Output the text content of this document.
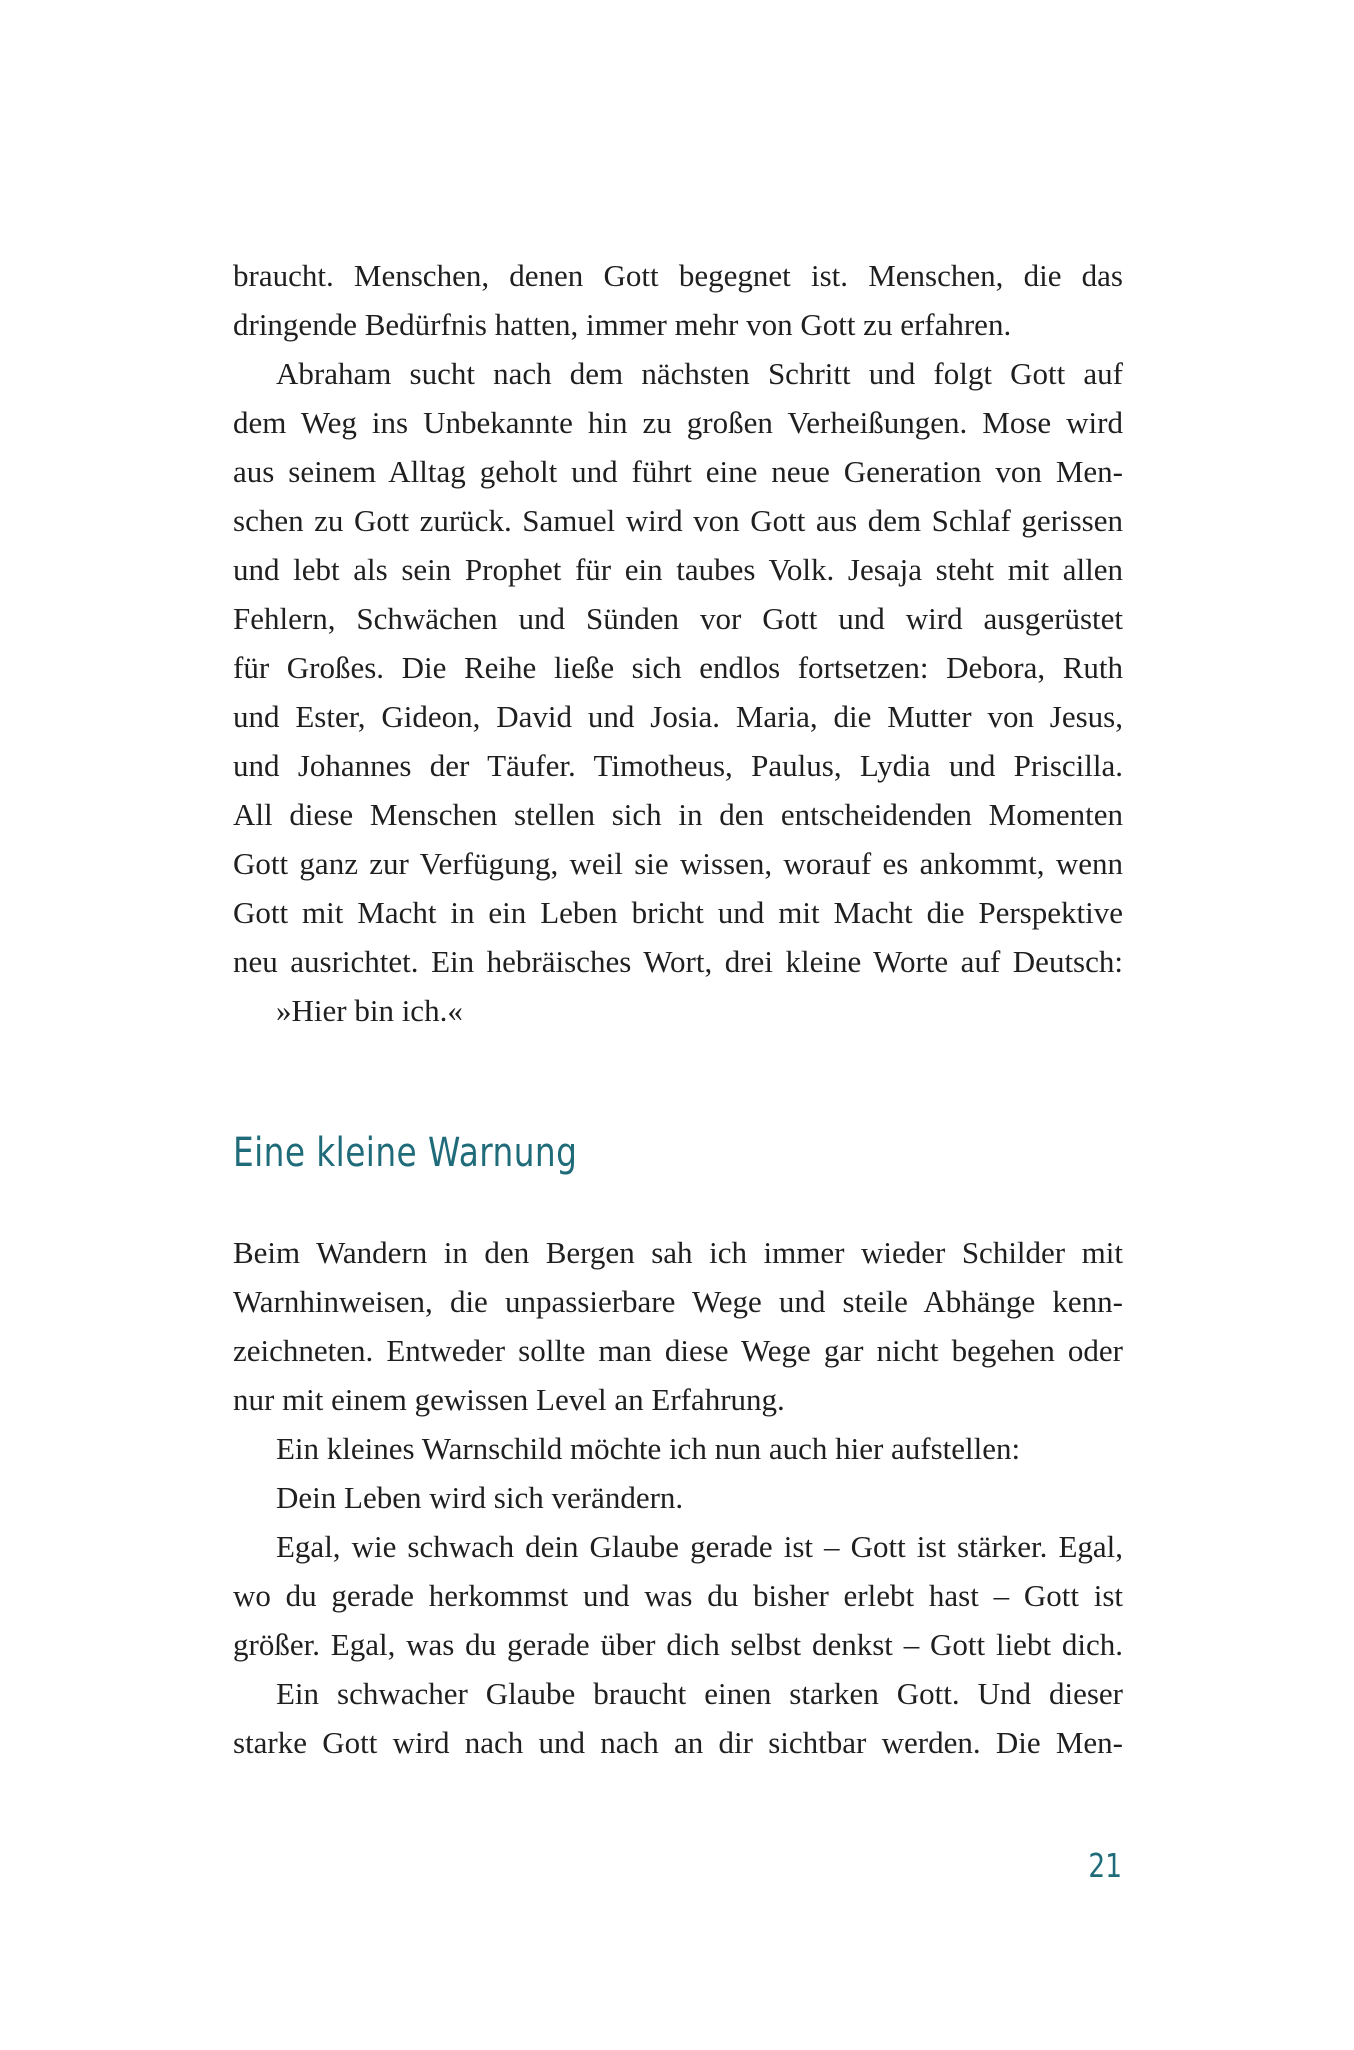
braucht. Menschen, denen Gott begegnet ist. Menschen, die das
dringende Bedürfnis hatten, immer mehr von Gott zu erfahren.
Abraham sucht nach dem nächsten Schritt und folgt Gott auf
dem Weg ins Unbekannte hin zu großen Verheißungen. Mose wird
aus seinem Alltag geholt und führt eine neue Generation von Men-
schen zu Gott zurück. Samuel wird von Gott aus dem Schlaf gerissen
und lebt als sein Prophet für ein taubes Volk. Jesaja steht mit allen
Fehlern, Schwächen und Sünden vor Gott und wird ausgerüstet
für Großes. Die Reihe ließe sich endlos fortsetzen: Debora, Ruth
und Ester, Gideon, David und Josia. Maria, die Mutter von Jesus,
und Johannes der Täufer. Timotheus, Paulus, Lydia und Priscilla.
All diese Menschen stellen sich in den entscheidenden Momenten
Gott ganz zur Verfügung, weil sie wissen, worauf es ankommt, wenn
Gott mit Macht in ein Leben bricht und mit Macht die Perspektive
neu ausrichtet. Ein hebräisches Wort, drei kleine Worte auf Deutsch:
»Hier bin ich.«
Eine kleine Warnung
Beim Wandern in den Bergen sah ich immer wieder Schilder mit
Warnhinweisen, die unpassierbare Wege und steile Abhänge kenn-
zeichneten. Entweder sollte man diese Wege gar nicht begehen oder
nur mit einem gewissen Level an Erfahrung.
Ein kleines Warnschild möchte ich nun auch hier aufstellen:
Dein Leben wird sich verändern.
Egal, wie schwach dein Glaube gerade ist – Gott ist stärker. Egal,
wo du gerade herkommst und was du bisher erlebt hast – Gott ist
größer. Egal, was du gerade über dich selbst denkst – Gott liebt dich.
Ein schwacher Glaube braucht einen starken Gott. Und dieser
starke Gott wird nach und nach an dir sichtbar werden. Die Men-
21
